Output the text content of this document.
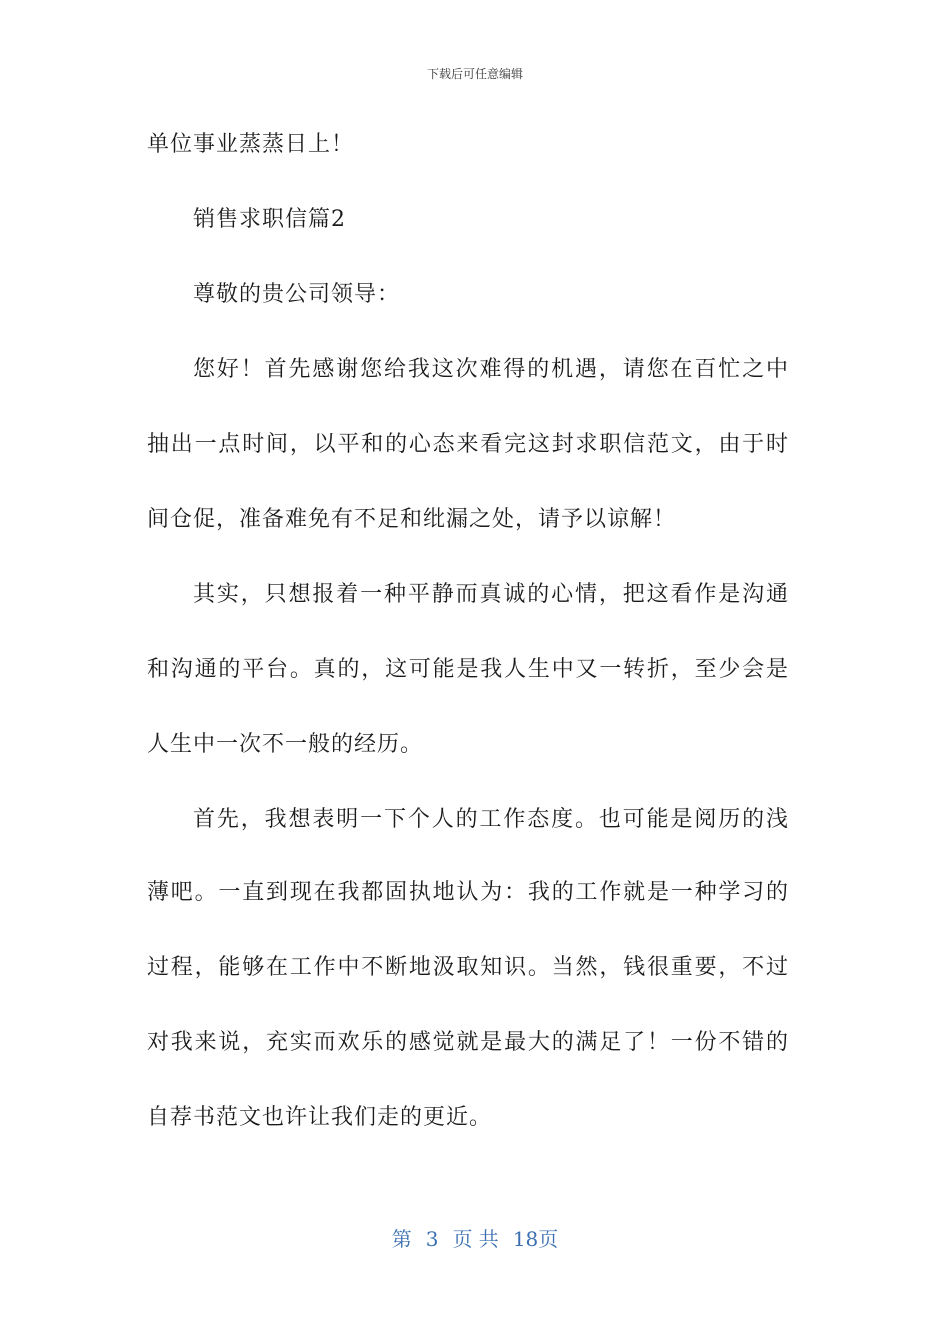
下载后可任意编辑
单位事业蒸蒸日上！
销售求职信篇2
尊敬的贵公司领导：
您好！首先感谢您给我这次难得的机遇，请您在百忙之中
抽出一点时间，以平和的心态来看完这封求职信范文，由于时
间仓促，准备难免有不足和纰漏之处，请予以谅解！
其实，只想报着一种平静而真诚的心情，把这看作是沟通
和沟通的平台。真的，这可能是我人生中又一转折，至少会是
人生中一次不一般的经历。
首先，我想表明一下个人的工作态度。也可能是阅历的浅
薄吧。一直到现在我都固执地认为：我的工作就是一种学习的
过程，能够在工作中不断地汲取知识。当然，钱很重要，不过
对我来说，充实而欢乐的感觉就是最大的满足了！一份不错的
自荐书范文也许让我们走的更近。
第 3 页 共 18页
